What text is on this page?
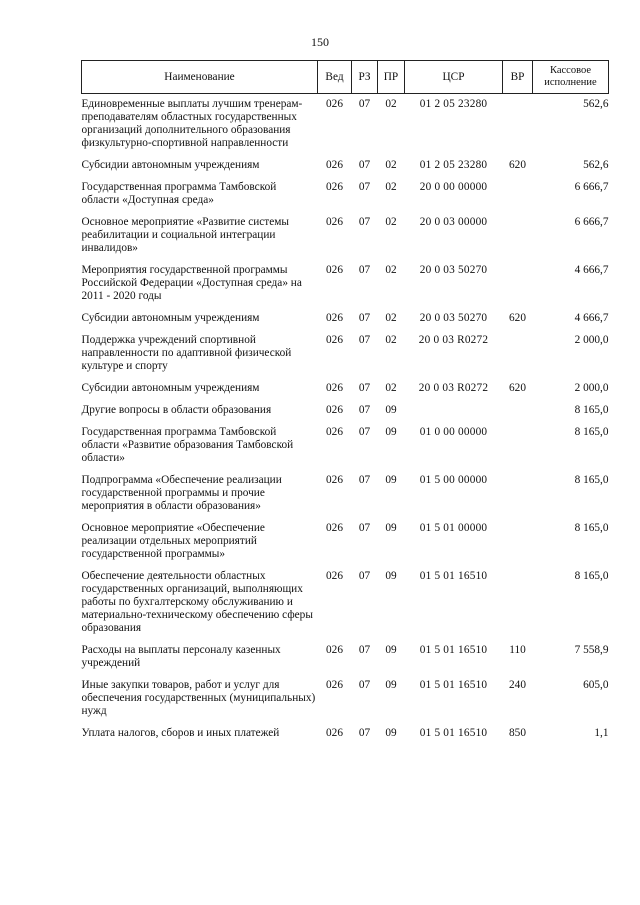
150
Наименование	Вед	РЗ	ПР	ЦСР	ВР	Кассовое исполнение
Единовременные выплаты лучшим тренерам-преподавателям областных государственных организаций дополнительного образования физкультурно-спортивной направленности	026	07	02	01 2 05 23280		562,6
Субсидии автономным учреждениям	026	07	02	01 2 05 23280	620	562,6
Государственная программа Тамбовской области «Доступная среда»	026	07	02	20 0 00 00000		6 666,7
Основное мероприятие «Развитие системы реабилитации и социальной интеграции инвалидов»	026	07	02	20 0 03 00000		6 666,7
Мероприятия государственной программы Российской Федерации «Доступная среда» на 2011 - 2020 годы	026	07	02	20 0 03 50270		4 666,7
Субсидии автономным учреждениям	026	07	02	20 0 03 50270	620	4 666,7
Поддержка учреждений спортивной направленности по адаптивной физической культуре и спорту	026	07	02	20 0 03 R0272		2 000,0
Субсидии автономным учреждениям	026	07	02	20 0 03 R0272	620	2 000,0
Другие вопросы в области образования	026	07	09			8 165,0
Государственная программа Тамбовской области «Развитие образования Тамбовской области»	026	07	09	01 0 00 00000		8 165,0
Подпрограмма «Обеспечение реализации государственной программы и прочие мероприятия в области образования»	026	07	09	01 5 00 00000		8 165,0
Основное мероприятие «Обеспечение реализации отдельных мероприятий государственной программы»	026	07	09	01 5 01 00000		8 165,0
Обеспечение деятельности областных государственных организаций, выполняющих работы по бухгалтерскому обслуживанию и материально-техническому обеспечению сферы образования	026	07	09	01 5 01 16510		8 165,0
Расходы на выплаты персоналу казенных учреждений	026	07	09	01 5 01 16510	110	7 558,9
Иные закупки товаров, работ и услуг для обеспечения государственных (муниципальных) нужд	026	07	09	01 5 01 16510	240	605,0
Уплата налогов, сборов и иных платежей	026	07	09	01 5 01 16510	850	1,1
